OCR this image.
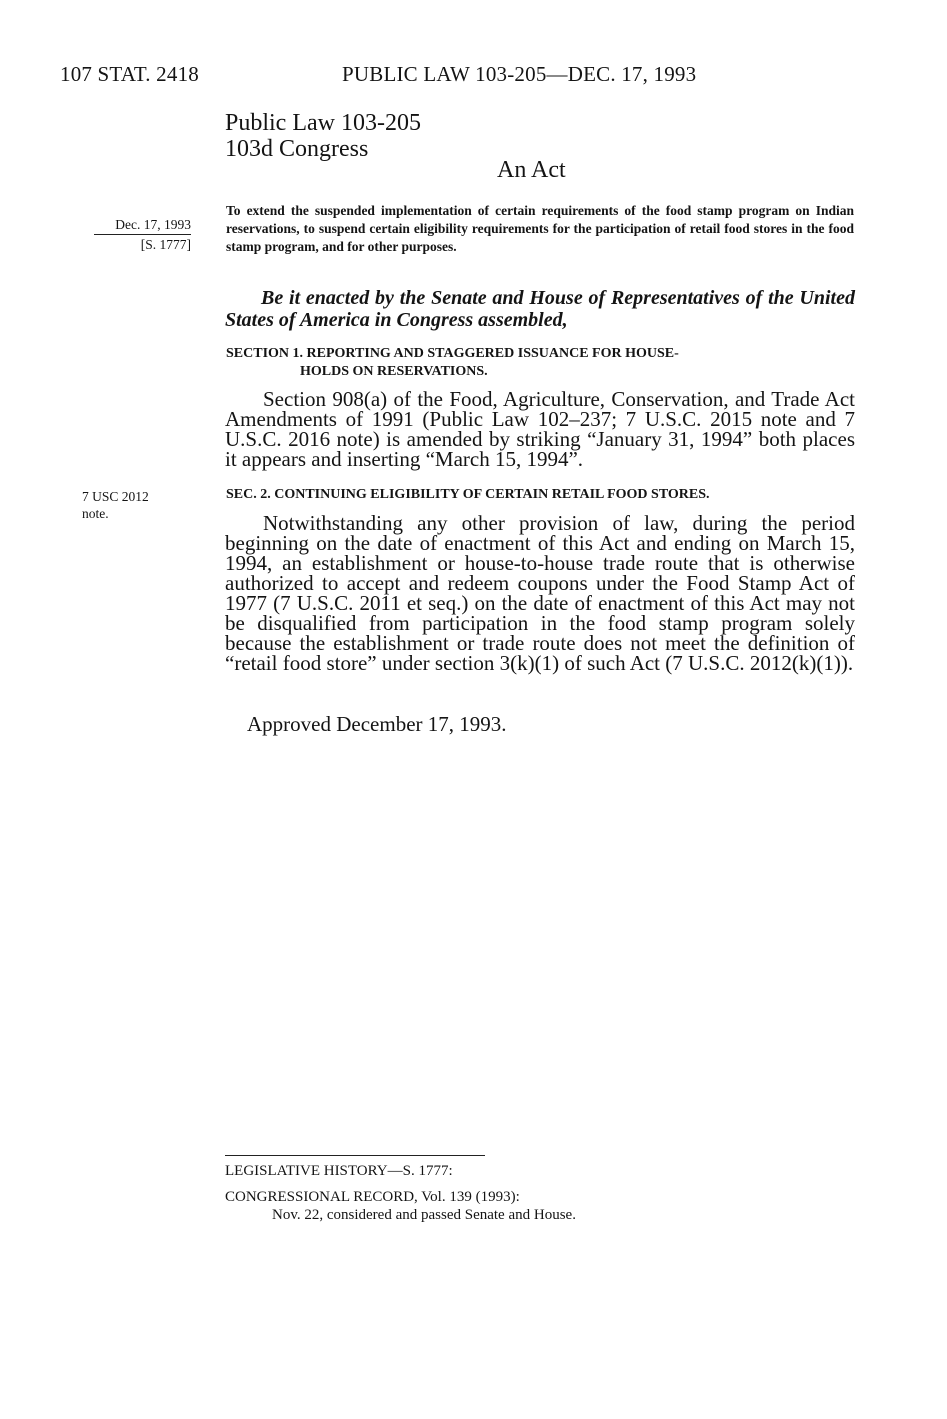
107 STAT. 2418	PUBLIC LAW 103-205—DEC. 17, 1993
Public Law 103-205
103d Congress
An Act
Dec. 17, 1993
[S. 1777]
To extend the suspended implementation of certain requirements of the food stamp program on Indian reservations, to suspend certain eligibility requirements for the participation of retail food stores in the food stamp program, and for other purposes.
Be it enacted by the Senate and House of Representatives of the United States of America in Congress assembled,
SECTION 1. REPORTING AND STAGGERED ISSUANCE FOR HOUSE-
HOLDS ON RESERVATIONS.
Section 908(a) of the Food, Agriculture, Conservation, and Trade Act Amendments of 1991 (Public Law 102–237; 7 U.S.C. 2015 note and 7 U.S.C. 2016 note) is amended by striking “January 31, 1994” both places it appears and inserting “March 15, 1994”.
7 USC 2012
note.
SEC. 2. CONTINUING ELIGIBILITY OF CERTAIN RETAIL FOOD STORES.
Notwithstanding any other provision of law, during the period beginning on the date of enactment of this Act and ending on March 15, 1994, an establishment or house-to-house trade route that is otherwise authorized to accept and redeem coupons under the Food Stamp Act of 1977 (7 U.S.C. 2011 et seq.) on the date of enactment of this Act may not be disqualified from participation in the food stamp program solely because the establishment or trade route does not meet the definition of “retail food store” under section 3(k)(1) of such Act (7 U.S.C. 2012(k)(1)).
Approved December 17, 1993.
LEGISLATIVE HISTORY—S. 1777:
CONGRESSIONAL RECORD, Vol. 139 (1993):
Nov. 22, considered and passed Senate and House.
